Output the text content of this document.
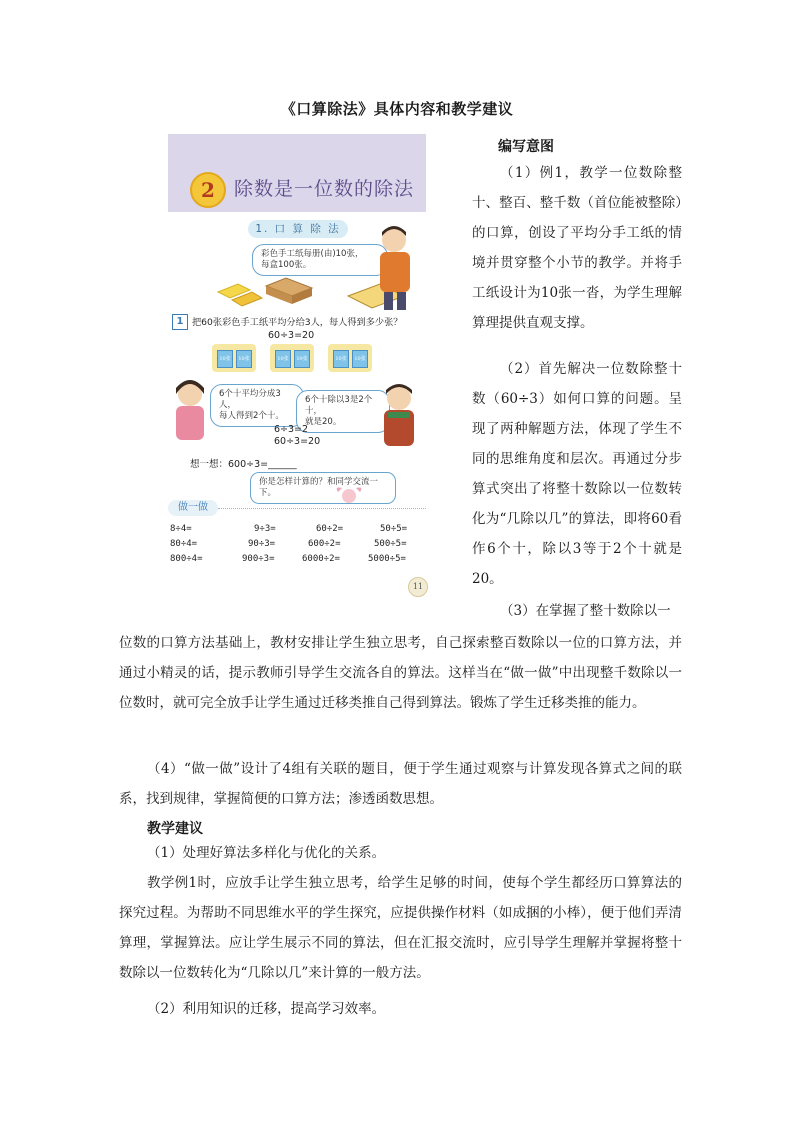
《口算除法》具体内容和教学建议
2	除数是一位数的除法
1. 口 算 除 法
彩色手工纸每册(由)10张，
每盒100张。
1 把60张彩色手工纸平均分给3人，每人得到多少张？
60÷3=20
10张	10张	10张	10张	10张	10张
6个十平均分成3人，
每人得到2个十。
6个十除以3是2个十，
就是20。
6÷3=2
60÷3=20
想一想：600÷3=______
你是怎样计算的？和同学交流一下。
做一做
8÷4=	9÷3=	60÷2=	50÷5=
80÷4=	90÷3=	600÷2=	500÷5=
800÷4=	900÷3=	6000÷2=	5000÷5=
11
编写意图

（1）例1，教学一位数除整十、整百、整千数（首位能被整除）的口算，创设了平均分手工纸的情境并贯穿整个小节的教学。并将手工纸设计为10张一沓，为学生理解算理提供直观支撑。

（2）首先解决一位数除整十数（60÷3）如何口算的问题。呈现了两种解题方法，体现了学生不同的思维角度和层次。再通过分步算式突出了将整十数除以一位数转化为“几除以几”的算法，即将60看作6个十，除以3等于2个十就是20。

（3）在掌握了整十数除以一

位数的口算方法基础上，教材安排让学生独立思考，自己探索整百数除以一位的口算方法，并通过小精灵的话，提示教师引导学生交流各自的算法。这样当在“做一做”中出现整千数除以一位数时，就可完全放手让学生通过迁移类推自己得到算法。锻炼了学生迁移类推的能力。

（4）“做一做”设计了4组有关联的题目，便于学生通过观察与计算发现各算式之间的联系，找到规律，掌握简便的口算方法；渗透函数思想。

教学建议

（1）处理好算法多样化与优化的关系。

教学例1时，应放手让学生独立思考，给学生足够的时间，使每个学生都经历口算算法的探究过程。为帮助不同思维水平的学生探究，应提供操作材料（如成捆的小棒），便于他们弄清算理，掌握算法。应让学生展示不同的算法，但在汇报交流时，应引导学生理解并掌握将整十数除以一位数转化为“几除以几”来计算的一般方法。

（2）利用知识的迁移，提高学习效率。
